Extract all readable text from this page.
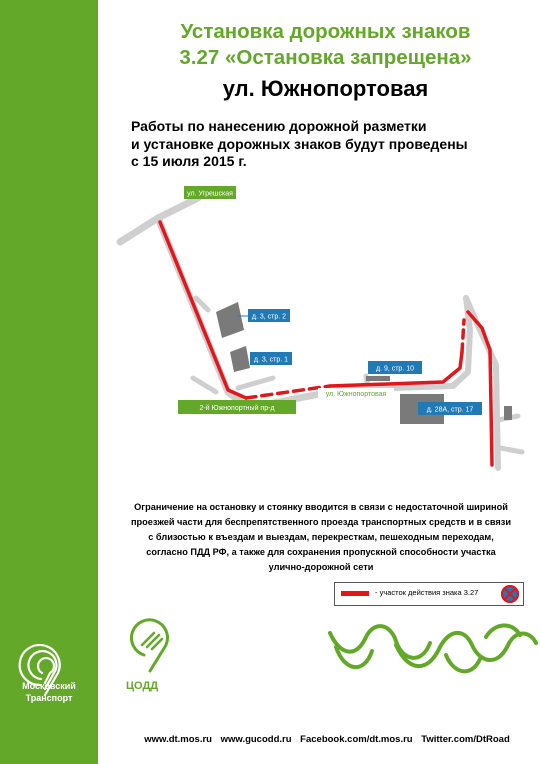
Московский
Транспорт
Установка дорожных знаков
3.27 «Остановка запрещена»
ул. Южнопортовая
Работы по нанесению дорожной разметки
и установке дорожных знаков будут проведены
с 15 июля 2015 г.
ул. Угрешская
2-й Южнопортный пр-д
ул. Южнопортовая
д. 3, стр. 2
д. 3, стр. 1
д. 9, стр. 10
д. 28А, стр. 17
Ограничение на остановку и стоянку вводится в связи с недостаточной шириной
проезжей части для беспрепятственного проезда транспортных средств и в связи
с близостью к въездам и выездам, перекресткам, пешеходным переходам,
согласно ПДД РФ, а также для сохранения пропускной способности участка
улично-дорожной сети
- участок действия знака 3.27
ЦОДД
www.dt.mos.ru www.gucodd.ru Facebook.com/dt.mos.ru Twitter.com/DtRoad
